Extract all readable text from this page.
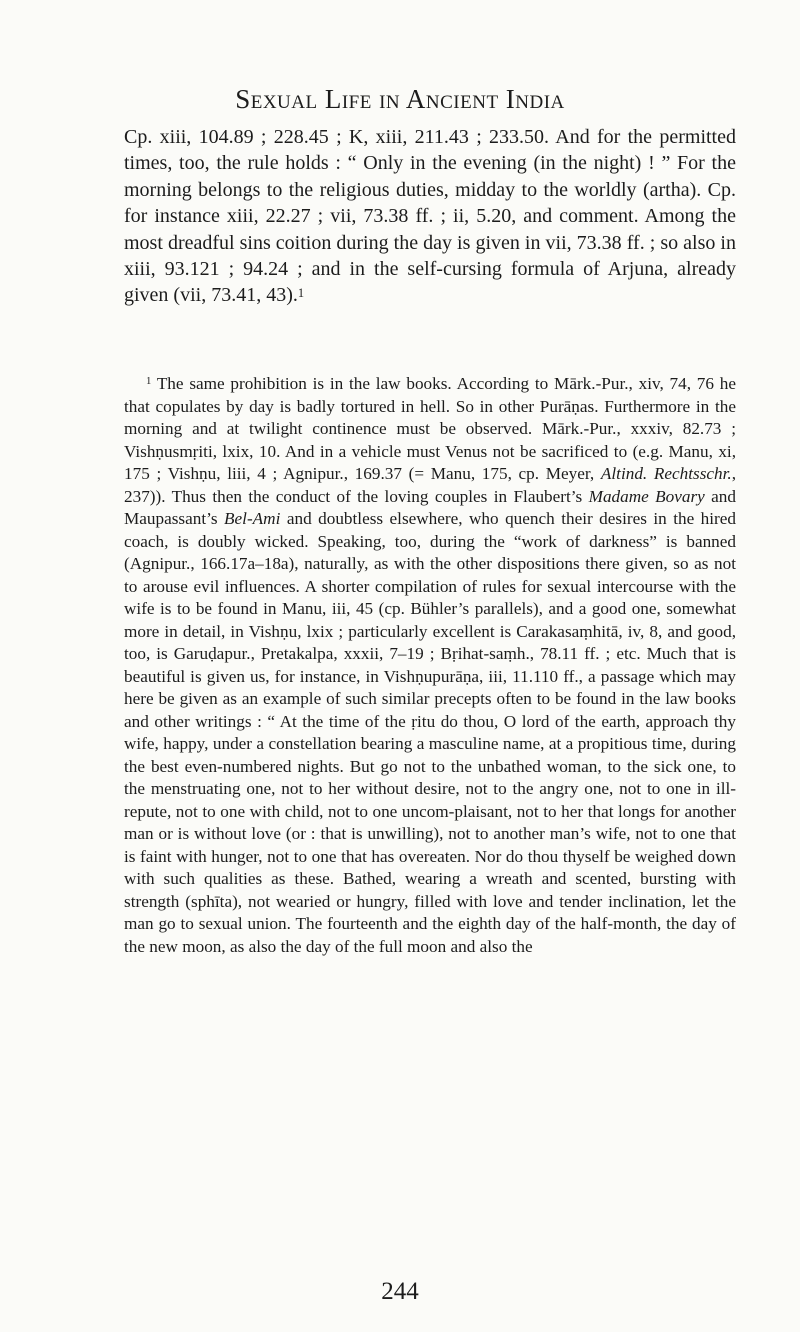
Sexual Life in Ancient India

Cp. xiii, 104.89 ; 228.45 ; K, xiii, 211.43 ; 233.50. And for the permitted times, too, the rule holds : “ Only in the evening (in the night) ! ” For the morning belongs to the religious duties, midday to the worldly (artha). Cp. for instance xiii, 22.27 ; vii, 73.38 ff. ; ii, 5.20, and comment. Among the most dreadful sins coition during the day is given in vii, 73.38 ff. ; so also in xiii, 93.121 ; 94.24 ; and in the self-cursing formula of Arjuna, already given (vii, 73.41, 43).$^1$

$^1$ The same prohibition is in the law books. According to Mārk.-Pur., xiv, 74, 76 he that copulates by day is badly tortured in hell. So in other Purāṇas. Furthermore in the morning and at twilight continence must be observed. Mārk.-Pur., xxxiv, 82.73 ; Vishṇusmṛiti, lxix, 10. And in a vehicle must Venus not be sacrificed to (e.g. Manu, xi, 175 ; Vishṇu, liii, 4 ; Agnipur., 169.37 (= Manu, 175, cp. Meyer, Altind. Rechtsschr., 237)). Thus then the conduct of the loving couples in Flaubert’s Madame Bovary and Maupassant’s Bel-Ami and doubtless elsewhere, who quench their desires in the hired coach, is doubly wicked. Speaking, too, during the “work of darkness” is banned (Agnipur., 166.17a–18a), naturally, as with the other dispositions there given, so as not to arouse evil influences. A shorter compilation of rules for sexual intercourse with the wife is to be found in Manu, iii, 45 (cp. Bühler’s parallels), and a good one, somewhat more in detail, in Vishṇu, lxix ; particularly excellent is Carakasaṃhitā, iv, 8, and good, too, is Garuḍapur., Pretakalpa, xxxii, 7–19 ; Bṛihat-saṃh., 78.11 ff. ; etc. Much that is beautiful is given us, for instance, in Vishṇupurāṇa, iii, 11.110 ff., a passage which may here be given as an example of such similar precepts often to be found in the law books and other writings : “ At the time of the ṛitu do thou, O lord of the earth, approach thy wife, happy, under a constellation bearing a masculine name, at a propitious time, during the best even-numbered nights. But go not to the unbathed woman, to the sick one, to the menstruating one, not to her without desire, not to the angry one, not to one in ill-repute, not to one with child, not to one uncom-plaisant, not to her that longs for another man or is without love (or : that is unwilling), not to another man’s wife, not to one that is faint with hunger, not to one that has overeaten. Nor do thou thyself be weighed down with such qualities as these. Bathed, wearing a wreath and scented, bursting with strength (sphīta), not wearied or hungry, filled with love and tender inclination, let the man go to sexual union. The fourteenth and the eighth day of the half-month, the day of the new moon, as also the day of the full moon and also the

244
